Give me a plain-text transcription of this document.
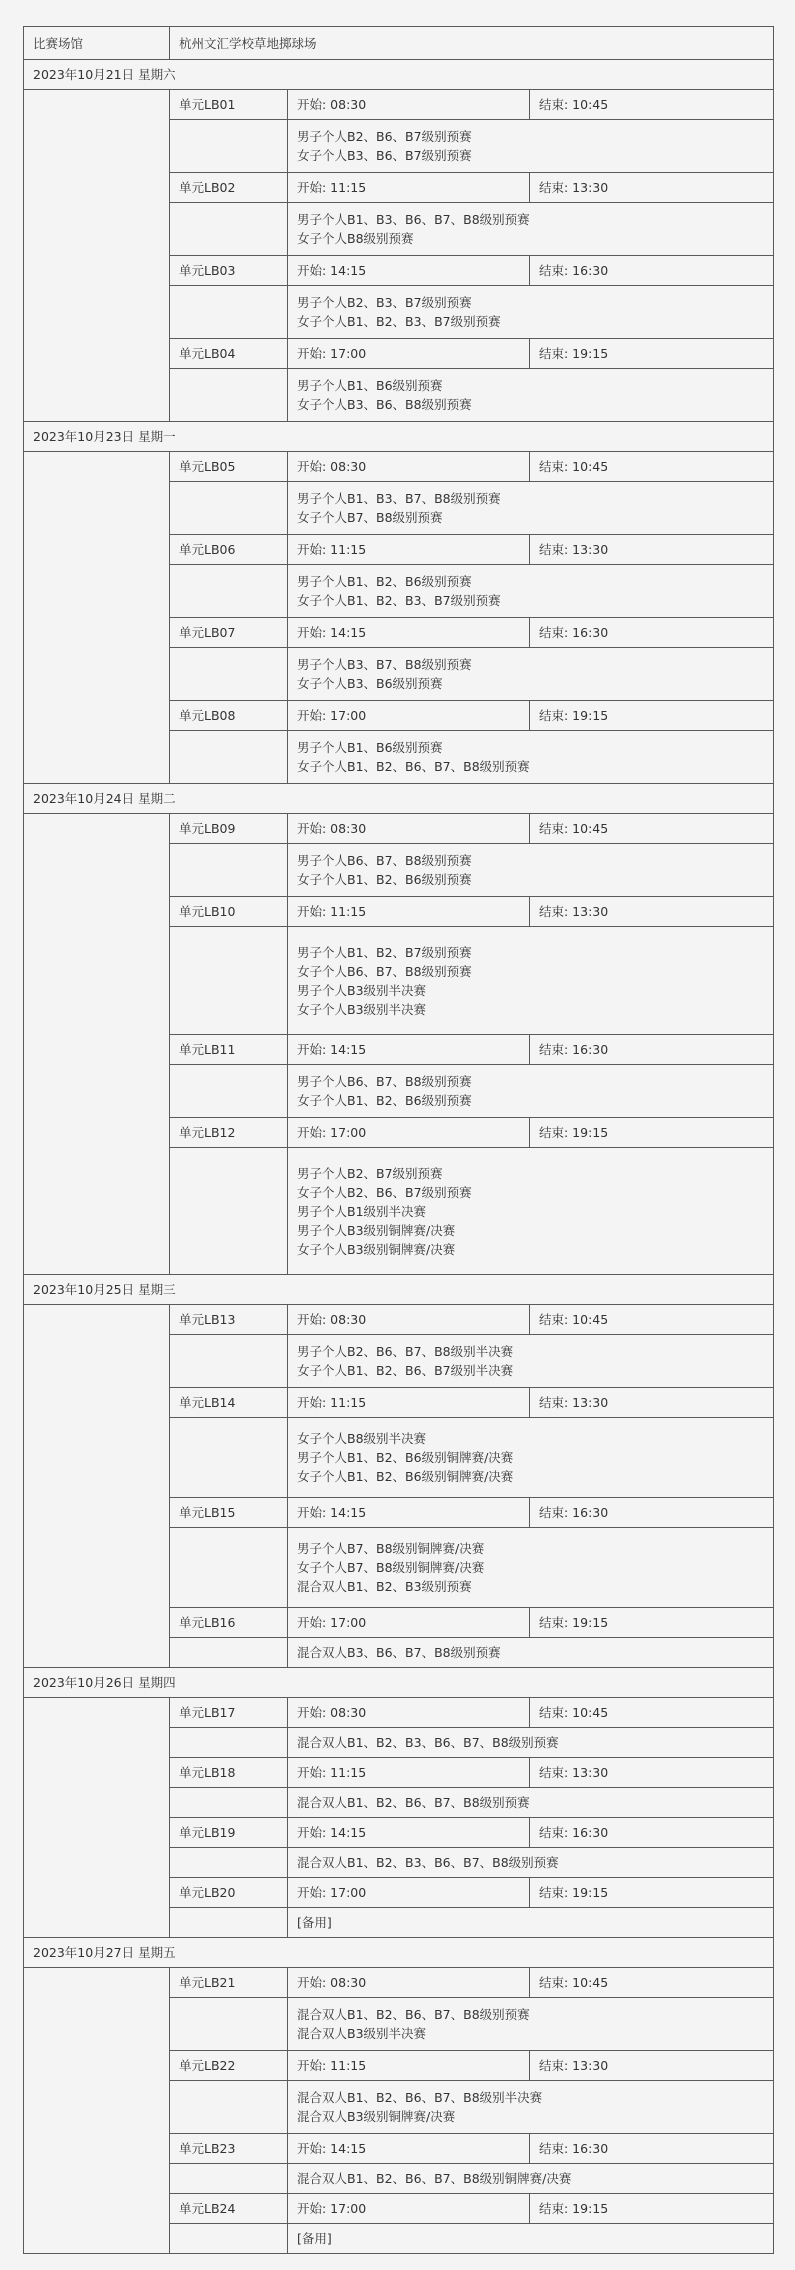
比赛场馆	杭州文汇学校草地掷球场		
2023年10月21日 星期六			
	单元LB01	开始: 08:30	结束: 10:45

		男子个人B2、B6、B7级别预赛
女子个人B3、B6、B7级别预赛	

	单元LB02	开始: 11:15	结束: 13:30

		男子个人B1、B3、B6、B7、B8级别预赛
女子个人B8级别预赛	

	单元LB03	开始: 14:15	结束: 16:30

		男子个人B2、B3、B7级别预赛
女子个人B1、B2、B3、B7级别预赛	

	单元LB04	开始: 17:00	结束: 19:15

		男子个人B1、B6级别预赛
女子个人B3、B6、B8级别预赛	

2023年10月23日 星期一			
	单元LB05	开始: 08:30	结束: 10:45

		男子个人B1、B3、B7、B8级别预赛
女子个人B7、B8级别预赛	

	单元LB06	开始: 11:15	结束: 13:30

		男子个人B1、B2、B6级别预赛
女子个人B1、B2、B3、B7级别预赛	

	单元LB07	开始: 14:15	结束: 16:30

		男子个人B3、B7、B8级别预赛
女子个人B3、B6级别预赛	

	单元LB08	开始: 17:00	结束: 19:15

		男子个人B1、B6级别预赛
女子个人B1、B2、B6、B7、B8级别预赛	

2023年10月24日 星期二			
	单元LB09	开始: 08:30	结束: 10:45

		男子个人B6、B7、B8级别预赛
女子个人B1、B2、B6级别预赛	

	单元LB10	开始: 11:15	结束: 13:30

		男子个人B1、B2、B7级别预赛
女子个人B6、B7、B8级别预赛
男子个人B3级别半决赛
女子个人B3级别半决赛	

	单元LB11	开始: 14:15	结束: 16:30

		男子个人B6、B7、B8级别预赛
女子个人B1、B2、B6级别预赛	

	单元LB12	开始: 17:00	结束: 19:15

		男子个人B2、B7级别预赛
女子个人B2、B6、B7级别预赛
男子个人B1级别半决赛
男子个人B3级别铜牌赛/决赛
女子个人B3级别铜牌赛/决赛	

2023年10月25日 星期三			
	单元LB13	开始: 08:30	结束: 10:45

		男子个人B2、B6、B7、B8级别半决赛
女子个人B1、B2、B6、B7级别半决赛	

	单元LB14	开始: 11:15	结束: 13:30

		女子个人B8级别半决赛
男子个人B1、B2、B6级别铜牌赛/决赛
女子个人B1、B2、B6级别铜牌赛/决赛	

	单元LB15	开始: 14:15	结束: 16:30

		男子个人B7、B8级别铜牌赛/决赛
女子个人B7、B8级别铜牌赛/决赛
混合双人B1、B2、B3级别预赛	

	单元LB16	开始: 17:00	结束: 19:15

		混合双人B3、B6、B7、B8级别预赛	

2023年10月26日 星期四			
	单元LB17	开始: 08:30	结束: 10:45

		混合双人B1、B2、B3、B6、B7、B8级别预赛	

	单元LB18	开始: 11:15	结束: 13:30

		混合双人B1、B2、B6、B7、B8级别预赛	

	单元LB19	开始: 14:15	结束: 16:30

		混合双人B1、B2、B3、B6、B7、B8级别预赛	

	单元LB20	开始: 17:00	结束: 19:15

		[备用]	

2023年10月27日 星期五			
	单元LB21	开始: 08:30	结束: 10:45

		混合双人B1、B2、B6、B7、B8级别预赛
混合双人B3级别半决赛	

	单元LB22	开始: 11:15	结束: 13:30

		混合双人B1、B2、B6、B7、B8级别半决赛
混合双人B3级别铜牌赛/决赛	

	单元LB23	开始: 14:15	结束: 16:30

		混合双人B1、B2、B6、B7、B8级别铜牌赛/决赛	

	单元LB24	开始: 17:00	结束: 19:15

		[备用]	
